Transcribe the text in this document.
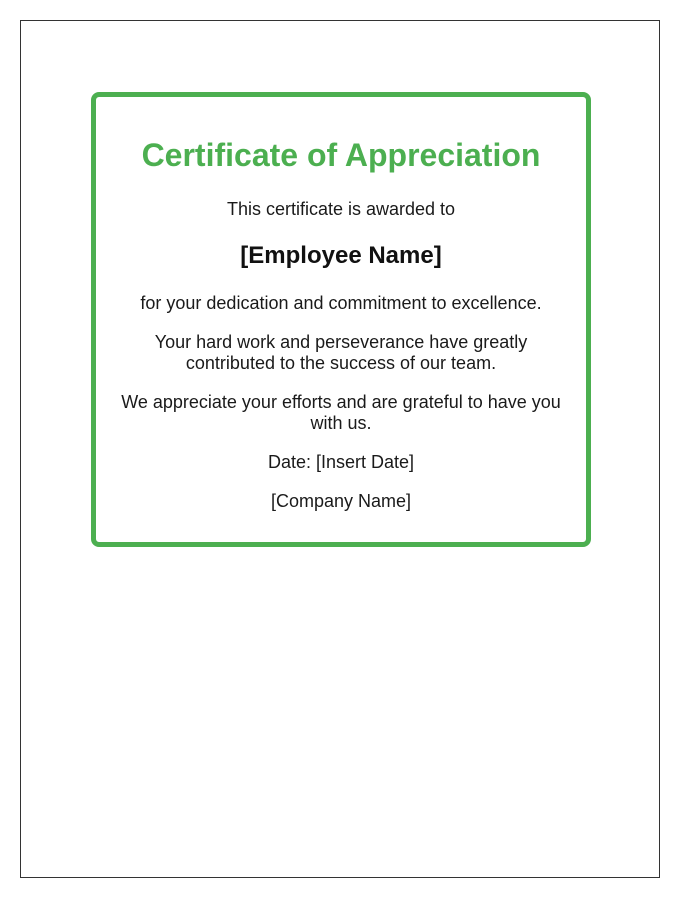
Certificate of Appreciation

This certificate is awarded to

[Employee Name]

for your dedication and commitment to excellence.

Your hard work and perseverance have greatly contributed to the success of our team.

We appreciate your efforts and are grateful to have you with us.

Date: [Insert Date]

[Company Name]
